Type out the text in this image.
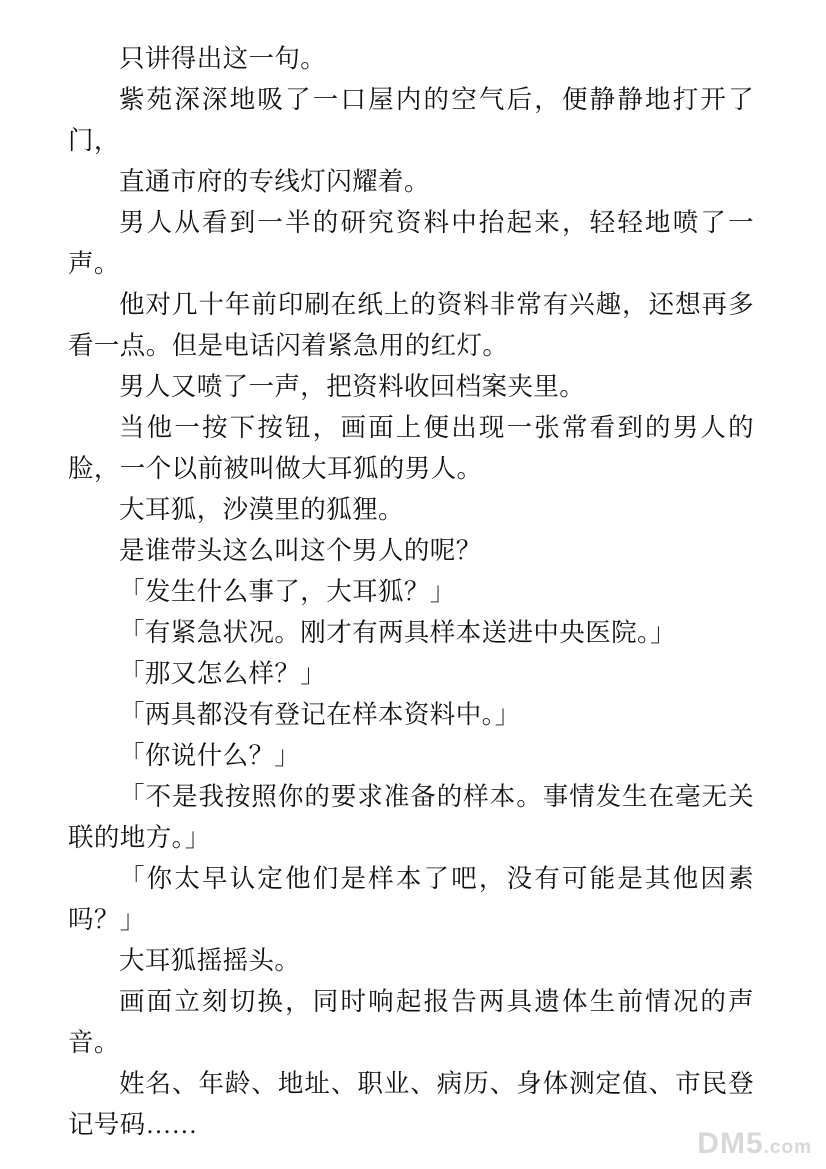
只讲得出这一句。

紫苑深深地吸了一口屋内的空气后，便静静地打开了门，

直通市府的专线灯闪耀着。

男人从看到一半的研究资料中抬起来，轻轻地喷了一声。

他对几十年前印刷在纸上的资料非常有兴趣，还想再多看一点。但是电话闪着紧急用的红灯。

男人又喷了一声，把资料收回档案夹里。

当他一按下按钮，画面上便出现一张常看到的男人的脸，一个以前被叫做大耳狐的男人。

大耳狐，沙漠里的狐狸。

是谁带头这么叫这个男人的呢？

「发生什么事了，大耳狐？」

「有紧急状况。刚才有两具样本送进中央医院。」

「那又怎么样？」

「两具都没有登记在样本资料中。」

「你说什么？」

「不是我按照你的要求准备的样本。事情发生在毫无关联的地方。」

「你太早认定他们是样本了吧，没有可能是其他因素吗？」

大耳狐摇摇头。

画面立刻切换，同时响起报告两具遗体生前情况的声音。

姓名、年龄、地址、职业、病历、身体测定值、市民登记号码……

DM5.com
